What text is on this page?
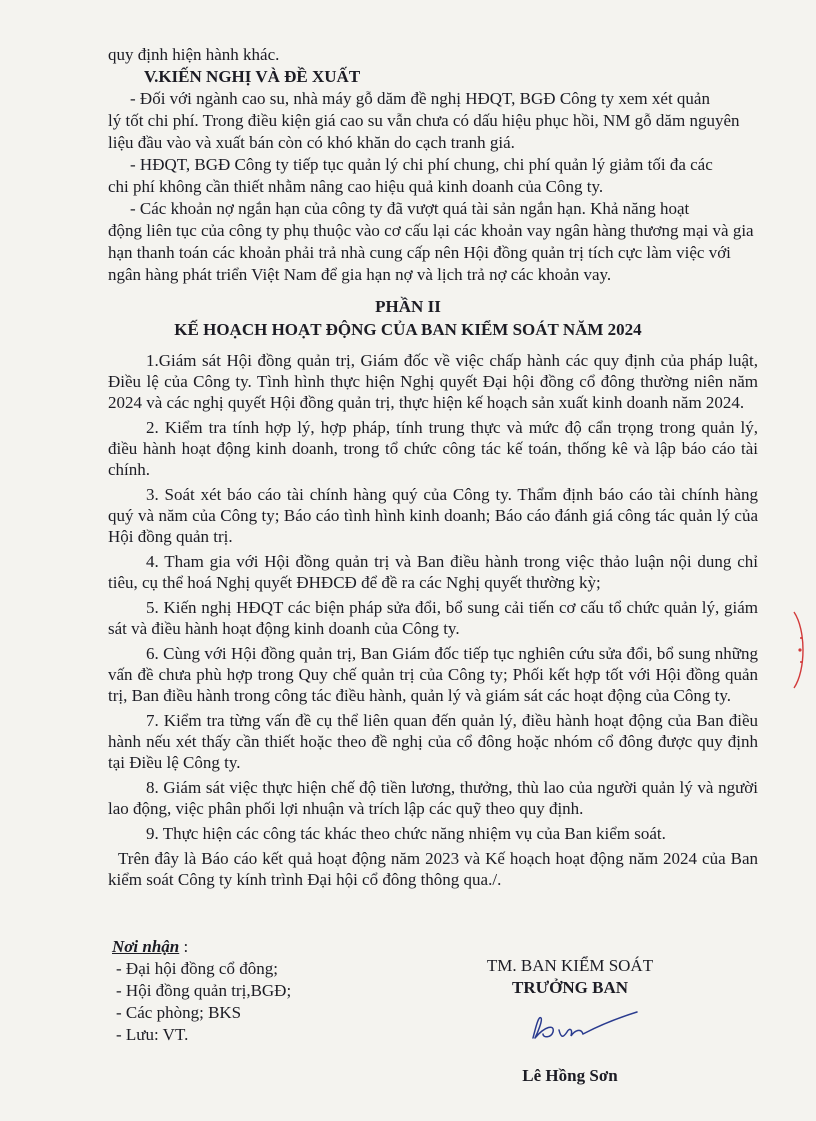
quy định hiện hành khác.

V.KIẾN NGHỊ VÀ ĐỀ XUẤT

- Đối với ngành cao su, nhà máy gỗ dăm đề nghị HĐQT, BGĐ Công ty xem xét quản

lý tốt chi phí. Trong điều kiện giá cao su vẫn chưa có dấu hiệu phục hồi, NM gỗ dăm nguyên liệu đầu vào và xuất bán còn có khó khăn do cạch tranh giá.

- HĐQT, BGĐ Công ty tiếp tục quản lý chi phí chung, chi phí quản lý giảm tối đa các

chi phí không cần thiết nhằm nâng cao hiệu quả kinh doanh của Công ty.

- Các khoản nợ ngắn hạn của công ty đã vượt quá tài sản ngắn hạn. Khả năng hoạt

động liên tục của công ty phụ thuộc vào cơ cấu lại các khoản vay ngân hàng thương mại và gia hạn thanh toán các khoản phải trả nhà cung cấp nên Hội đồng quản trị tích cực làm việc với ngân hàng phát triển Việt Nam để gia hạn nợ và lịch trả nợ các khoản vay.

PHẦN II
KẾ HOẠCH HOẠT ĐỘNG CỦA BAN KIỂM SOÁT NĂM 2024

1.Giám sát Hội đồng quản trị, Giám đốc về việc chấp hành các quy định của pháp luật, Điều lệ của Công ty. Tình hình thực hiện Nghị quyết Đại hội đồng cổ đông thường niên năm 2024 và các nghị quyết Hội đồng quản trị, thực hiện kế hoạch sản xuất kinh doanh năm 2024.

2. Kiểm tra tính hợp lý, hợp pháp, tính trung thực và mức độ cẩn trọng trong quản lý, điều hành hoạt động kinh doanh, trong tổ chức công tác kế toán, thống kê và lập báo cáo tài chính.

3. Soát xét báo cáo tài chính hàng quý của Công ty. Thẩm định báo cáo tài chính hàng quý và năm của Công ty; Báo cáo tình hình kinh doanh; Báo cáo đánh giá công tác quản lý của Hội đồng quản trị.

4. Tham gia với Hội đồng quản trị và Ban điều hành trong việc thảo luận nội dung chỉ tiêu, cụ thể hoá Nghị quyết ĐHĐCĐ để đề ra các Nghị quyết thường kỳ;

5. Kiến nghị HĐQT các biện pháp sửa đổi, bổ sung cải tiến cơ cấu tổ chức quản lý, giám sát và điều hành hoạt động kinh doanh của Công ty.

6. Cùng với Hội đồng quản trị, Ban Giám đốc tiếp tục nghiên cứu sửa đổi, bổ sung những vấn đề chưa phù hợp trong Quy chế quản trị của Công ty; Phối kết hợp tốt với Hội đồng quản trị, Ban điều hành trong công tác điều hành, quản lý và giám sát các hoạt động của Công ty.

7. Kiểm tra từng vấn đề cụ thể liên quan đến quản lý, điều hành hoạt động của Ban điều hành nếu xét thấy cần thiết hoặc theo đề nghị của cổ đông hoặc nhóm cổ đông được quy định tại Điều lệ Công ty.

8. Giám sát việc thực hiện chế độ tiền lương, thưởng, thù lao của người quản lý và người lao động, việc phân phối lợi nhuận và trích lập các quỹ theo quy định.

9. Thực hiện các công tác khác theo chức năng nhiệm vụ của Ban kiểm soát.

Trên đây là Báo cáo kết quả hoạt động năm 2023 và Kế hoạch hoạt động năm 2024 của Ban kiểm soát Công ty kính trình Đại hội cổ đông thông qua./.

Nơi nhận :
- Đại hội đồng cổ đông;
- Hội đồng quản trị,BGĐ;
- Các phòng; BKS
- Lưu: VT.
TM. BAN KIỂM SOÁT
TRƯỞNG BAN
Lê Hồng Sơn
